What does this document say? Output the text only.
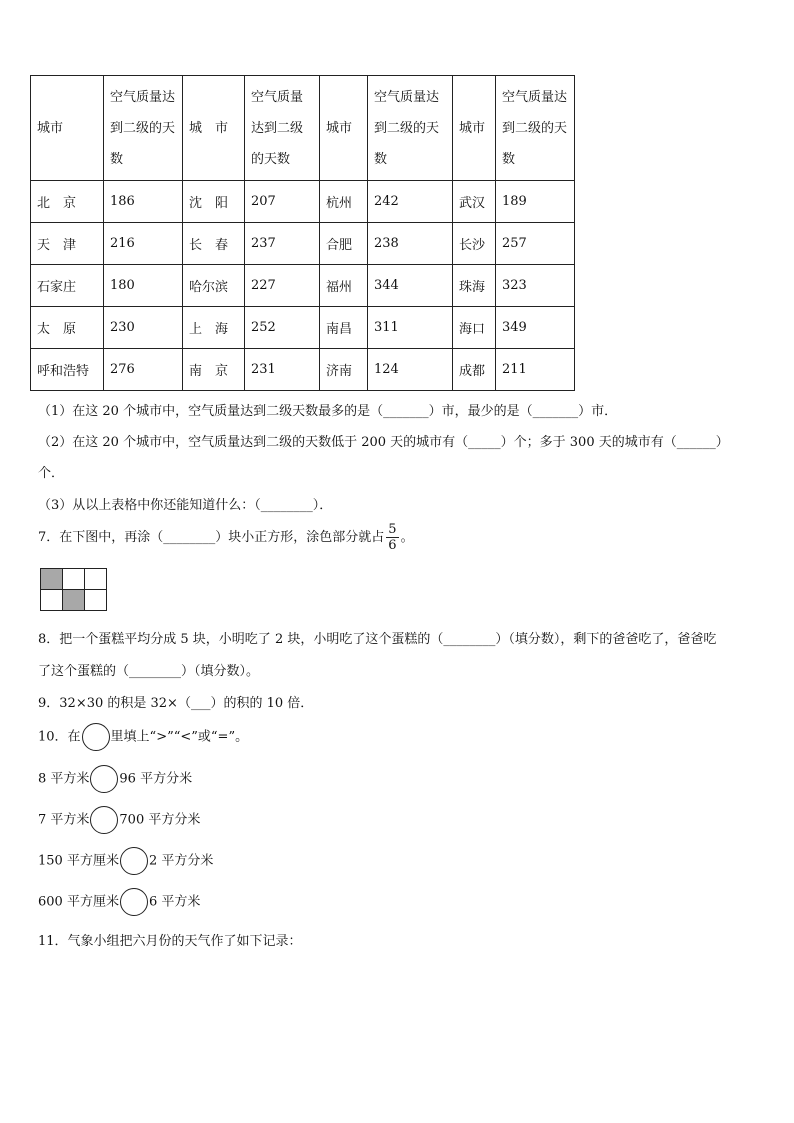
城市	空气质量达到二级的天数	城　市	空气质量达到二级的天数	城市	空气质量达到二级的天数	城市	空气质量达到二级的天数
北　京	186	沈　阳	207	杭州	242	武汉	189
天　津	216	长　春	237	合肥	238	长沙	257
石家庄	180	哈尔滨	227	福州	344	珠海	323
太　原	230	上　海	252	南昌	311	海口	349
呼和浩特	276	南　京	231	济南	124	成都	211
（1）在这 20 个城市中，空气质量达到二级天数最多的是（_______）市，最少的是（_______）市．
（2）在这 20 个城市中，空气质量达到二级的天数低于 200 天的城市有（_____）个；多于 300 天的城市有（______）
个．
（3）从以上表格中你还能知道什么：（________）．
7．在下图中，再涂（________）块小正方形，涂色部分就占 $\frac{5}{6}$ 。

8．把一个蛋糕平均分成 5 块，小明吃了 2 块，小明吃了这个蛋糕的（________）（填分数），剩下的爸爸吃了，爸爸吃
了这个蛋糕的（________）（填分数）。
9．32×30 的积是 32×（___）的积的 10 倍．
10．在 里填上“>”“<”或“=”。
8 平方米 96 平方分米
7 平方米 700 平方分米
150 平方厘米 2 平方分米
600 平方厘米 6 平方米
11．气象小组把六月份的天气作了如下记录：
